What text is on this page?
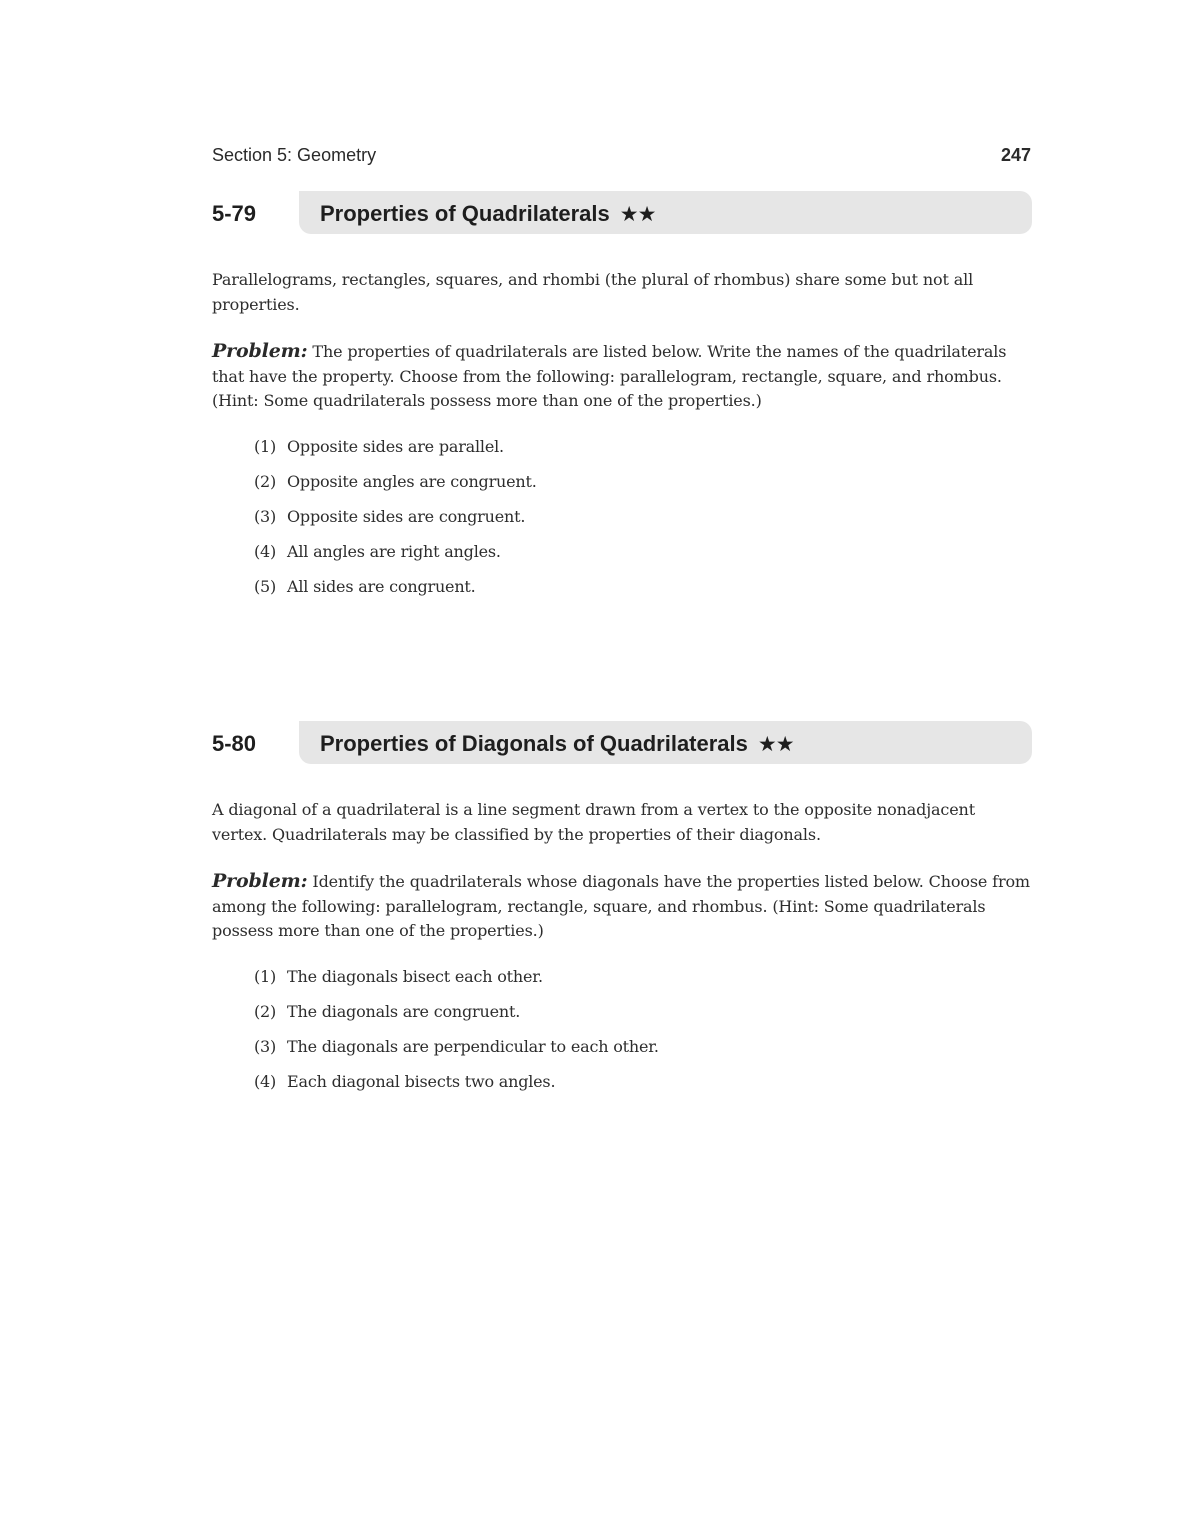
Section 5: Geometry	247
5-79	Properties of Quadrilaterals ★★

Parallelograms, rectangles, squares, and rhombi (the plural of rhombus) share some but not all properties.

Problem: The properties of quadrilaterals are listed below. Write the names of the quadrilaterals that have the property. Choose from the following: parallelogram, rectangle, square, and rhombus. (Hint: Some quadrilaterals possess more than one of the properties.)

(1) Opposite sides are parallel.
(2) Opposite angles are congruent.
(3) Opposite sides are congruent.
(4) All angles are right angles.
(5) All sides are congruent.
5-80	Properties of Diagonals of Quadrilaterals ★★

A diagonal of a quadrilateral is a line segment drawn from a vertex to the opposite nonadjacent vertex. Quadrilaterals may be classified by the properties of their diagonals.

Problem: Identify the quadrilaterals whose diagonals have the properties listed below. Choose from among the following: parallelogram, rectangle, square, and rhombus. (Hint: Some quadrilaterals possess more than one of the properties.)

(1) The diagonals bisect each other.
(2) The diagonals are congruent.
(3) The diagonals are perpendicular to each other.
(4) Each diagonal bisects two angles.
